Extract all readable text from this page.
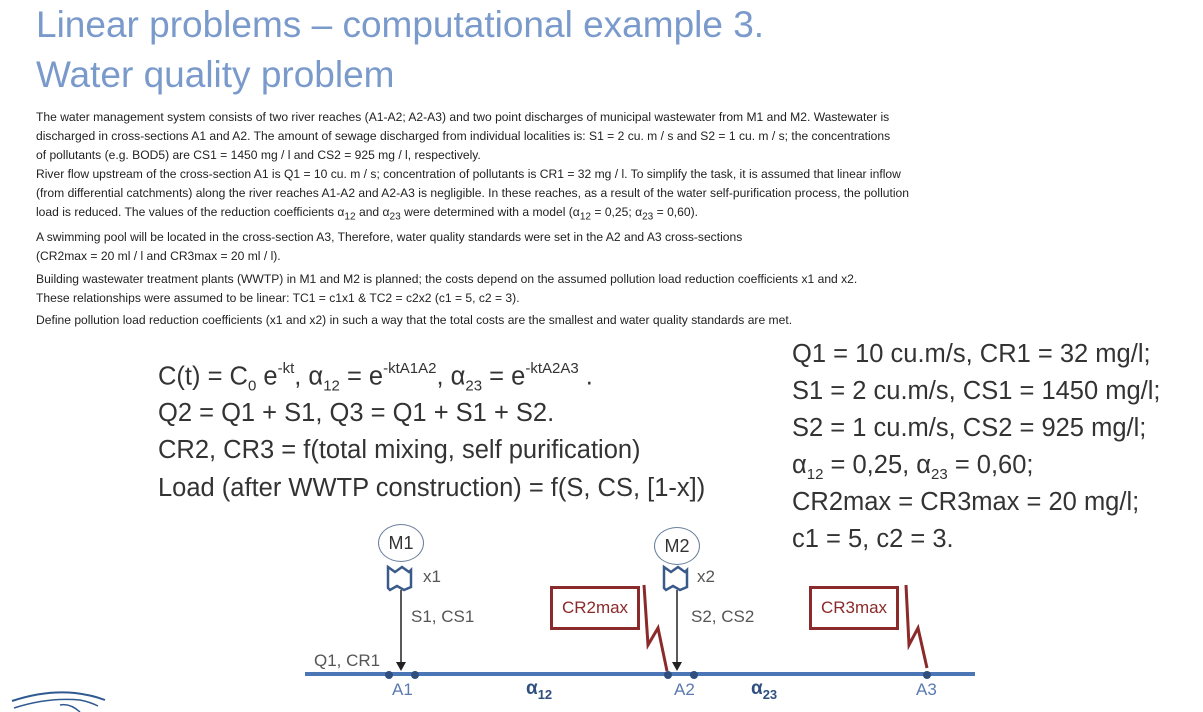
Linear problems – computational example 3.
Water quality problem
The water management system consists of two river reaches (A1-A2; A2-A3) and two point discharges of municipal wastewater from M1 and M2. Wastewater is
discharged in cross-sections A1 and A2. The amount of sewage discharged from individual localities is: S1 = 2 cu. m / s and S2 = 1 cu. m / s; the concentrations
of pollutants (e.g. BOD5) are CS1 = 1450 mg / l and CS2 = 925 mg / l, respectively.
River flow upstream of the cross-section A1 is Q1 = 10 cu. m / s; concentration of pollutants is CR1 = 32 mg / l. To simplify the task, it is assumed that linear inflow
(from differential catchments) along the river reaches A1-A2 and A2-A3 is negligible. In these reaches, as a result of the water self-purification process, the pollution
load is reduced. The values of the reduction coefficients $\alpha_{12}$ and $\alpha_{23}$ were determined with a model ($\alpha_{12} = 0,25$; $\alpha_{23} = 0,60$).
A swimming pool will be located in the cross-section A3, Therefore, water quality standards were set in the A2 and A3 cross-sections
(CR2max = 20 ml / l and CR3max = 20 ml / l).
Building wastewater treatment plants (WWTP) in M1 and M2 is planned; the costs depend on the assumed pollution load reduction coefficients x1 and x2.
These relationships were assumed to be linear: TC1 = c1x1 & TC2 = c2x2 (c1 = 5, c2 = 3).
Define pollution load reduction coefficients (x1 and x2) in such a way that the total costs are the smallest and water quality standards are met.
$C(t) = C_0$ $e^{-kt}$, $\alpha_{12} = e^{-ktA1A2}$, $\alpha_{23} = e^{-ktA2A3}$ .
Q2 = Q1 + S1, Q3 = Q1 + S1 + S2.
CR2, CR3 = f(total mixing, self purification)
Load (after WWTP construction) = f(S, CS, [1-x])
Q1 = 10 cu.m/s, CR1 = 32 mg/l;
S1 = 2 cu.m/s, CS1 = 1450 mg/l;
S2 = 1 cu.m/s, CS2 = 925 mg/l;
$\alpha_{12} = 0,25$, $\alpha_{23} = 0,60$;
CR2max = CR3max = 20 mg/l;
c1 = 5, c2 = 3.
M1	M2
x1	x2
S1, CS1	S2, CS2
Q1, CR1
A1	A2	A3
CR2max	CR3max
$\alpha_{12}$	$\alpha_{23}$
